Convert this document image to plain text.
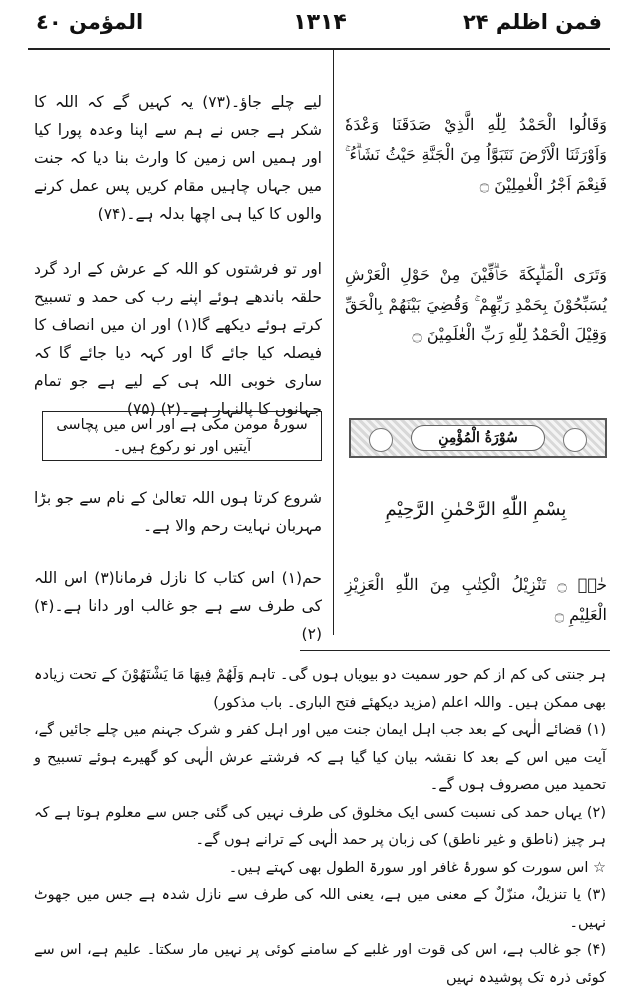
المؤمن ٤٠	۱۳۱۴	فمن اظلم ۲۴
لیے چلے جاؤ۔(۷۳) یہ کہیں گے کہ اللہ کا شکر ہے جس نے ہم سے اپنا وعدہ پورا کیا اور ہمیں اس زمین کا وارث بنا دیا کہ جنت میں جہاں چاہیں مقام کریں پس عمل کرنے والوں کا کیا ہی اچھا بدلہ ہے۔(۷۴)
اور تو فرشتوں کو اللہ کے عرش کے ارد گرد حلقہ باندھے ہوئے اپنے رب کی حمد و تسبیح کرتے ہوئے دیکھے گا(۱) اور ان میں انصاف کا فیصلہ کیا جائے گا اور کہہ دیا جائے گا کہ ساری خوبی اللہ ہی کے لیے ہے جو تمام جہانوں کا پالنہار ہے۔(۲) (۷۵)
سورۂ مومن مکی ہے اور اس میں پچاسی آیتیں اور نو رکوع ہیں۔
شروع کرتا ہوں اللہ تعالیٰ کے نام سے جو بڑا مہربان نہایت رحم والا ہے۔
حم(۱) اس کتاب کا نازل فرمانا(۳) اس اللہ کی طرف سے ہے جو غالب اور دانا ہے۔(۴) (۲)
وَقَالُوا الْحَمْدُ لِلّٰهِ الَّذِيْ صَدَقَنَا وَعْدَهٗ وَاَوْرَثَنَا الْاَرْضَ نَتَبَوَّاُ مِنَ الْجَنَّةِ حَيْثُ نَشَاۗءُ ۚ فَنِعْمَ اَجْرُ الْعٰمِلِيْنَ ۝
وَتَرَى الْمَلٰۗىِٕكَةَ حَاۗفِّيْنَ مِنْ حَوْلِ الْعَرْشِ يُسَبِّحُوْنَ بِحَمْدِ رَبِّهِمْ ۚ وَقُضِيَ بَيْنَهُمْ بِالْحَقِّ وَقِيْلَ الْحَمْدُ لِلّٰهِ رَبِّ الْعٰلَمِيْنَ ۝
سُوْرَةُ الْمُؤْمِنِ
بِسْمِ اللّٰهِ الرَّحْمٰنِ الرَّحِيْمِ
حٰمۗ ۝ تَنْزِيْلُ الْكِتٰبِ مِنَ اللّٰهِ الْعَزِيْزِ الْعَلِيْمِ ۝

ہر جنتی کی کم از کم حور سمیت دو بیویاں ہوں گی۔ تاہم وَلَهُمْ فِيهَا مَا يَشْتَهُوْنَ کے تحت زیادہ بھی ممکن ہیں۔ واللہ اعلم (مزید دیکھئے فتح الباری۔ باب مذکور)

(۱) قضائے الٰہی کے بعد جب اہل ایمان جنت میں اور اہل کفر و شرک جہنم میں چلے جائیں گے، آیت میں اس کے بعد کا نقشہ بیان کیا گیا ہے کہ فرشتے عرش الٰہی کو گھیرے ہوئے تسبیح و تحمید میں مصروف ہوں گے۔

(۲) یہاں حمد کی نسبت کسی ایک مخلوق کی طرف نہیں کی گئی جس سے معلوم ہوتا ہے کہ ہر چیز (ناطق و غیر ناطق) کی زبان پر حمد الٰہی کے ترانے ہوں گے۔

☆ اس سورت کو سورۂ غافر اور سورۃ الطول بھی کہتے ہیں۔

(۳) یا تنزیلٌ، منزّلٌ کے معنی میں ہے، یعنی اللہ کی طرف سے نازل شدہ ہے جس میں جھوٹ نہیں۔

(۴) جو غالب ہے، اس کی قوت اور غلبے کے سامنے کوئی پر نہیں مار سکتا۔ علیم ہے، اس سے کوئی ذرہ تک پوشیدہ نہیں
